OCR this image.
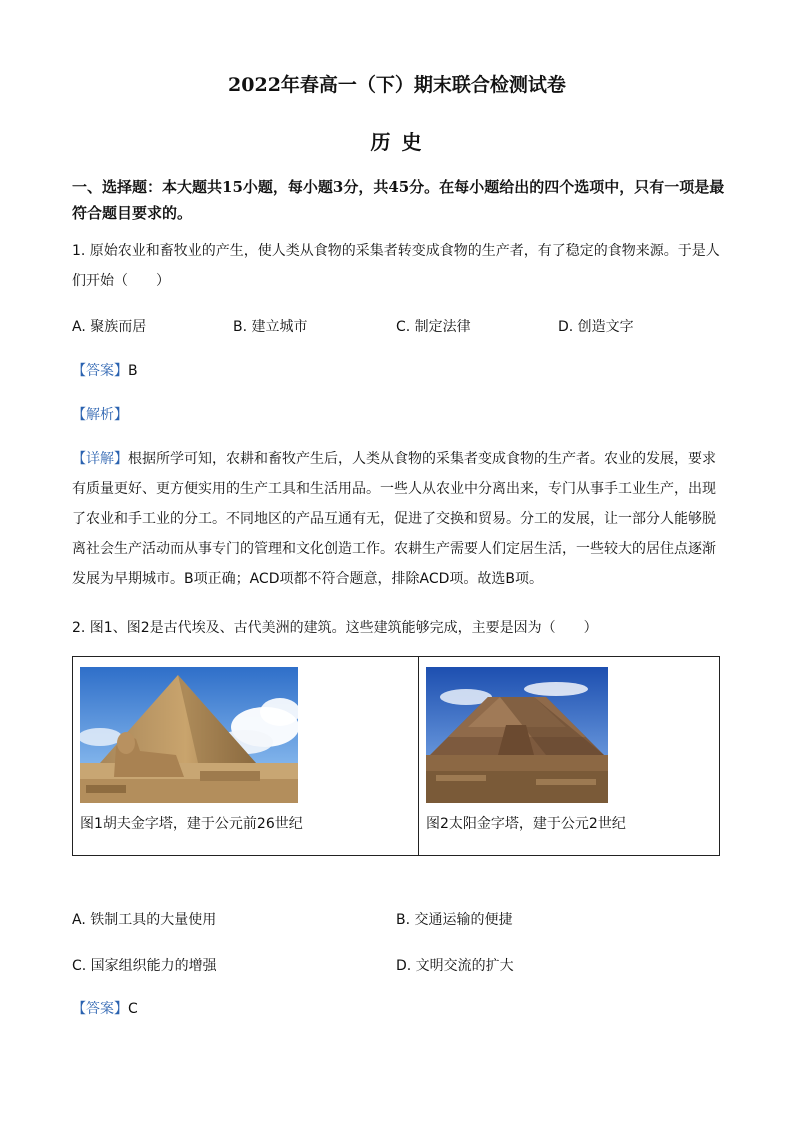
2022年春高一（下）期末联合检测试卷
历 史
一、选择题：本大题共15小题，每小题3分，共45分。在每小题给出的四个选项中，只有一项是最符合题目要求的。
1. 原始农业和畜牧业的产生，使人类从食物的采集者转变成食物的生产者，有了稳定的食物来源。于是人们开始（　　）
A. 聚族而居	B. 建立城市	C. 制定法律	D. 创造文字
【答案】B
【解析】
【详解】根据所学可知，农耕和畜牧产生后，人类从食物的采集者变成食物的生产者。农业的发展，要求有质量更好、更方便实用的生产工具和生活用品。一些人从农业中分离出来，专门从事手工业生产，出现了农业和手工业的分工。不同地区的产品互通有无，促进了交换和贸易。分工的发展，让一部分人能够脱离社会生产活动而从事专门的管理和文化创造工作。农耕生产需要人们定居生活，一些较大的居住点逐渐发展为早期城市。B项正确；ACD项都不符合题意，排除ACD项。故选B项。
2. 图1、图2是古代埃及、古代美洲的建筑。这些建筑能够完成，主要是因为（　　）
图1胡夫金字塔，建于公元前26世纪	图2太阳金字塔，建于公元2世纪
A. 铁制工具的大量使用	B. 交通运输的便捷
C. 国家组织能力的增强	D. 文明交流的扩大
【答案】C
